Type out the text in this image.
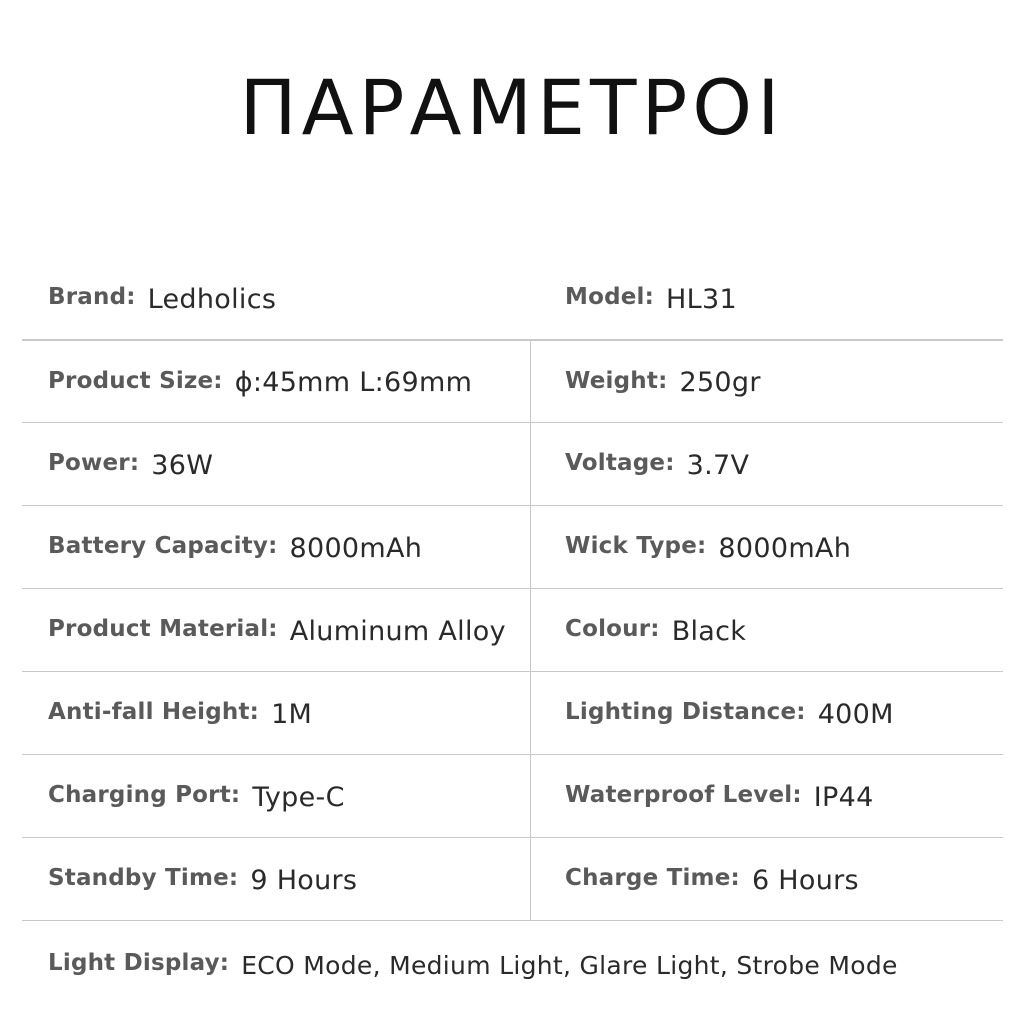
ΠΑΡΑΜΕΤΡΟΙ
Brand: Ledholics	Model: HL31
Product Size: ϕ:45mm L:69mm	Weight: 250gr
Power: 36W	Voltage: 3.7V
Battery Capacity: 8000mAh	Wick Type: 8000mAh
Product Material: Aluminum Alloy	Colour: Black
Anti-fall Height: 1M	Lighting Distance: 400M
Charging Port: Type-C	Waterproof Level: IP44
Standby Time: 9 Hours	Charge Time: 6 Hours
Light Display: ECO Mode, Medium Light, Glare Light, Strobe Mode
